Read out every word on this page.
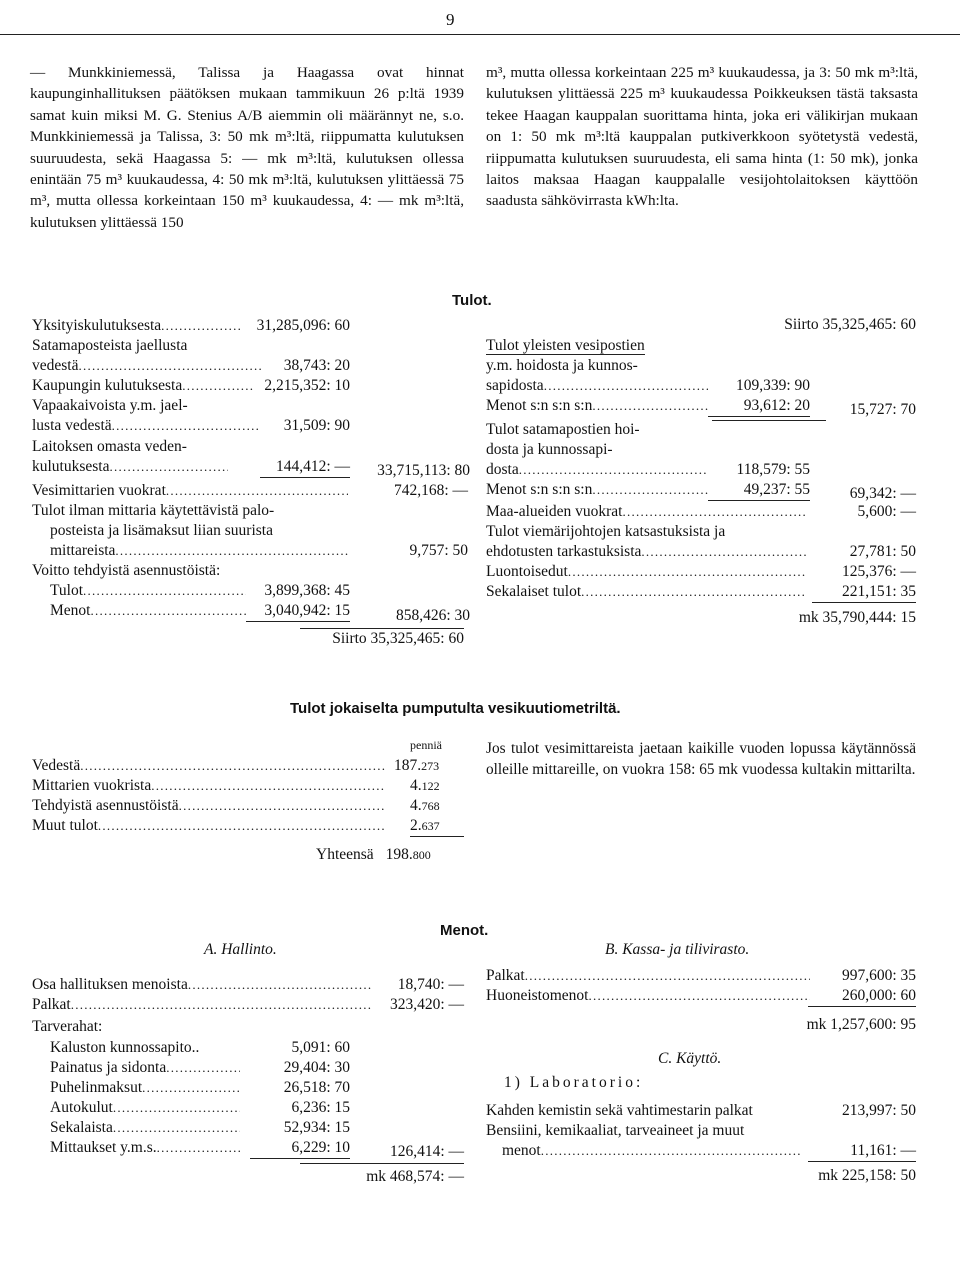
9

— Munkkiniemessä, Talissa ja Haagassa ovat hinnat kaupunginhallituksen päätöksen mukaan tammikuun 26 p:ltä 1939 samat kuin miksi M. G. Stenius A/B aiemmin oli määrännyt ne, s.o. Munkkiniemessä ja Talissa, 3: 50 mk m³:ltä, riippumatta kulutuksen suuruudesta, sekä Haagassa 5: — mk m³:ltä, kulutuksen ollessa enintään 75 m³ kuukaudessa, 4: 50 mk m³:ltä, kulutuksen ylittäessä 75 m³, mutta ollessa korkeintaan 150 m³ kuukaudessa, 4: — mk m³:ltä, kulutuksen ylittäessä 150

m³, mutta ollessa korkeintaan 225 m³ kuukaudessa, ja 3: 50 mk m³:ltä, kulutuksen ylittäessä 225 m³ kuukaudessa Poikkeuksen tästä taksasta tekee Haagan kauppalan suorittama hinta, joka eri välikirjan mukaan on 1: 50 mk m³:ltä kauppalan putkiverkkoon syötetystä vedestä, riippumatta kulutuksen suuruudesta, eli sama hinta (1: 50 mk), jonka laitos maksaa Haagan kauppalalle vesijohtolaitoksen käyttöön saadusta sähkövirrasta kWh:lta.

Tulot.
Yksityiskulutuksesta . . .	31,285,096: 60
Satamaposteista jaellusta
vedestä . . .	38,743: 20
Kaupungin kulutuksesta . . .	2,215,352: 10
Vapaakaivoista y.m. jael-
lusta vedestä . . .	31,509: 90
Laitoksen omasta veden-
kulutuksesta . . .	144,412: —	33,715,113: 80
Vesimittarien vuokrat . . .	742,168: —
Tulot ilman mittaria käytettävistä palo-
posteista ja lisämaksut liian suurista
mittareista . . .	9,757: 50
Voitto tehdyistä asennustöistä:
Tulot . . .	3,899,368: 45
Menot . . .	3,040,942: 15	858,426: 30
Siirto 35,325,465: 60
Siirto 35,325,465: 60
Tulot yleisten vesipostien
y.m. hoidosta ja kunnos-
sapidosta . . .	109,339: 90
Menot s:n s:n s:n . . .	93,612: 20	15,727: 70
Tulot satamapostien hoi-
dosta ja kunnossapi-
dosta . . .	118,579: 55
Menot s:n s:n s:n . . .	49,237: 55	69,342: —
Maa-alueiden vuokrat . . .	5,600: —
Tulot viemärijohtojen katsastuksista ja
ehdotusten tarkastuksista . . .	27,781: 50
Luontoisedut . . .	125,376: —
Sekalaiset tulot . . .	221,151: 35
mk 35,790,444: 15
Tulot jokaiselta pumputulta vesikuutiometriltä.
penniä
Vedestä . . .	187.273
Mittarien vuokrista . . .	4.122
Tehdyistä asennustöistä . . .	4.768
Muut tulot . . .	2.637
Yhteensä 198.800

Jos tulot vesimittareista jaetaan kaikille vuoden lopussa käytännössä olleille mittareille, on vuokra 158: 65 mk vuodessa kultakin mittarilta.

Menot.
A. Hallinto.
Osa hallituksen menoista . . .	18,740: —
Palkat . . .	323,420: —
Tarverahat:
Kaluston kunnossapito..	5,091: 60
Painatus ja sidonta . . .	29,404: 30
Puhelinmaksut . . .	26,518: 70
Autokulut . . .	6,236: 15
Sekalaista . . .	52,934: 15
Mittaukset y.m.s. . . .	6,229: 10	126,414: —
mk 468,574: —
B. Kassa- ja tilivirasto.
Palkat . . .	997,600: 35
Huoneistomenot . . .	260,000: 60
mk 1,257,600: 95
C. Käyttö.
1) Laboratorio:
Kahden kemistin sekä vahtimestarin palkat	213,997: 50
Bensiini, kemikaaliat, tarveaineet ja muut
menot . . .	11,161: —
mk 225,158: 50
